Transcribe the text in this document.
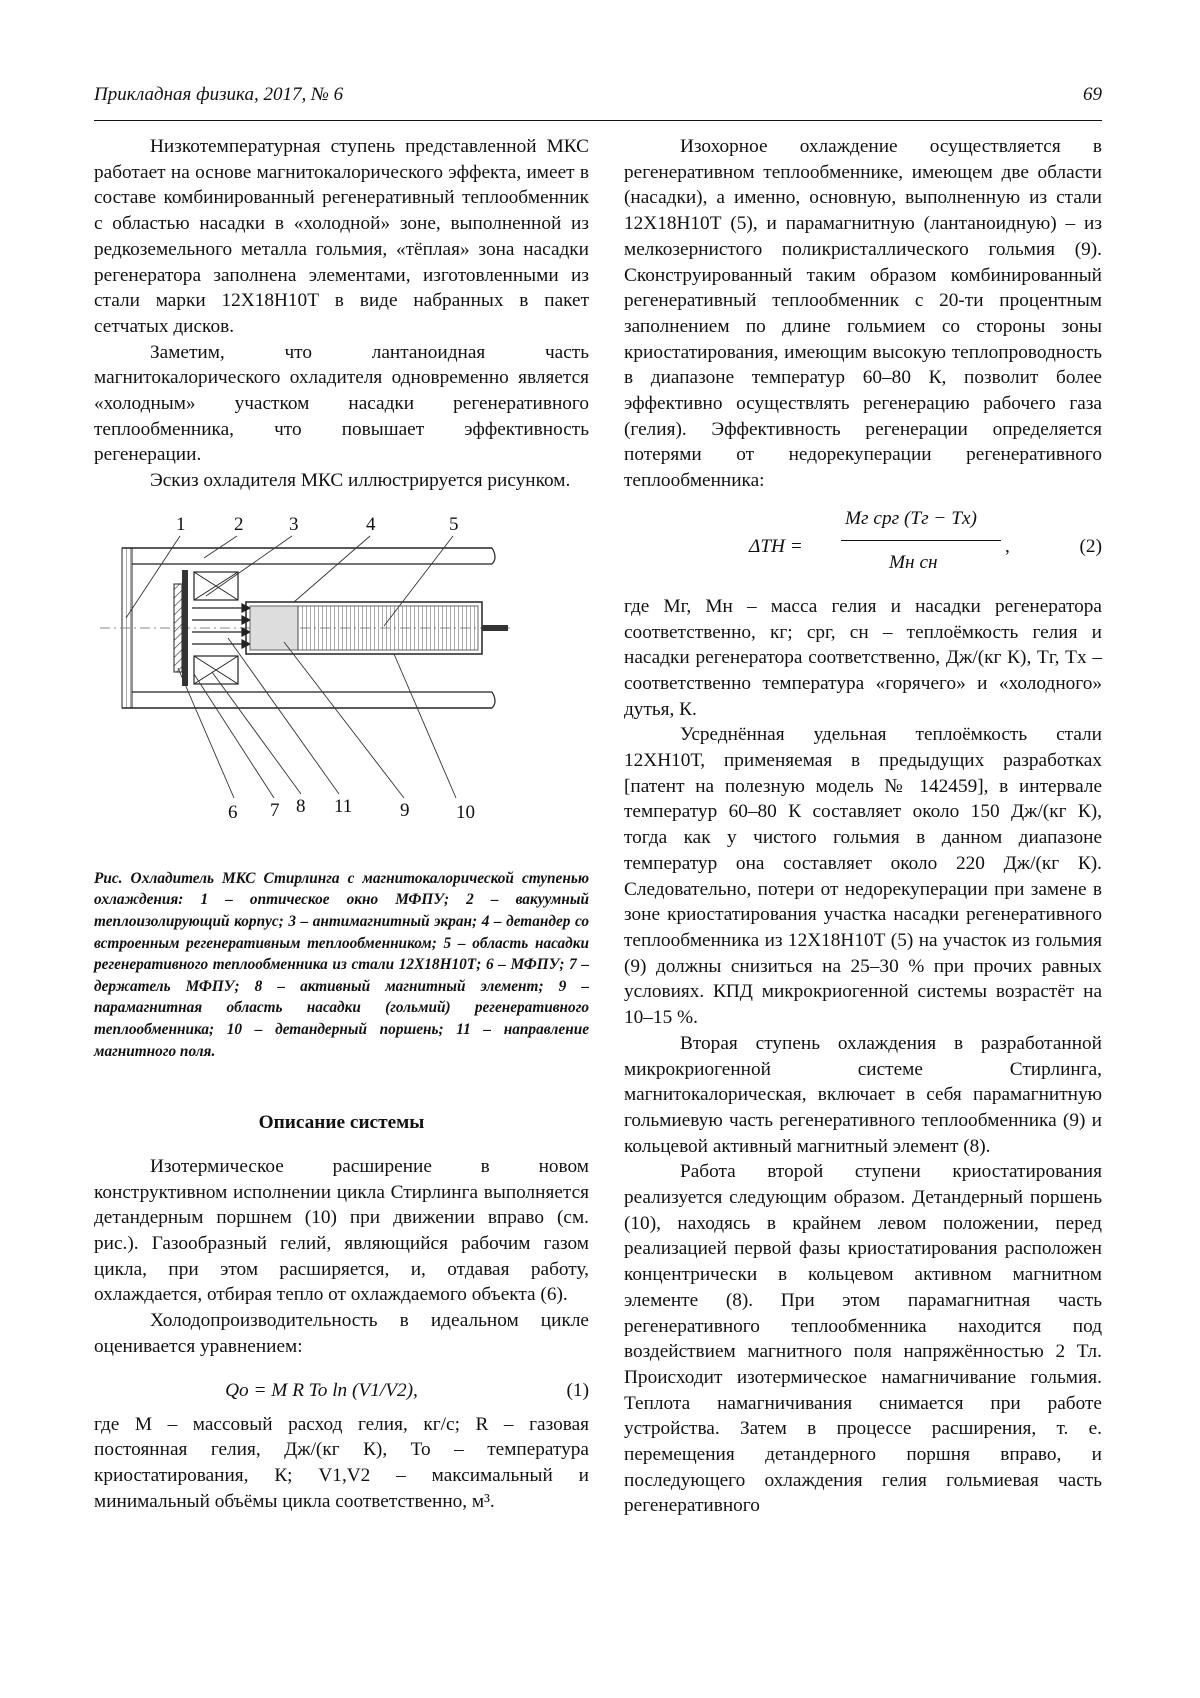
Прикладная физика, 2017, № 6	69

Низкотемпературная ступень представленной МКС работает на основе магнитокалорического эффекта, имеет в составе комбинированный регенеративный теплообменник с областью насадки в «холодной» зоне, выполненной из редкоземельного металла гольмия, «тёплая» зона насадки регенератора заполнена элементами, изготовленными из стали марки 12Х18Н10Т в виде набранных в пакет сетчатых дисков.

Заметим, что лантаноидная часть магнитокалорического охладителя одновременно является «холодным» участком насадки регенеративного теплообменника, что повышает эффективность регенерации.

Эскиз охладителя МКС иллюстрируется рисунком.

1	2 3	4	5
6 7 8 11	9 10
Рис. Охладитель МКС Стирлинга с магнитокалорической ступенью охлаждения: 1 – оптическое окно МФПУ; 2 – вакуумный теплоизолирующий корпус; 3 – антимагнитный экран; 4 – детандер со встроенным регенеративным теплообменником; 5 – область насадки регенеративного теплообменника из стали 12Х18Н10Т; 6 – МФПУ; 7 – держатель МФПУ; 8 – активный магнитный элемент; 9 – парамагнитная область насадки (гольмий) регенеративного теплообменника; 10 – детандерный поршень; 11 – направление магнитного поля.
Описание системы

Изотермическое расширение в новом конструктивном исполнении цикла Стирлинга выполняется детандерным поршнем (10) при движении вправо (см. рис.). Газообразный гелий, являющийся рабочим газом цикла, при этом расширяется, и, отдавая работу, охлаждается, отбирая тепло от охлаждаемого объекта (6).

Холодопроизводительность в идеальном цикле оценивается уравнением:

Qo = M R To ln (V1/V2),	(1)

где M – массовый расход гелия, кг/с; R – газовая постоянная гелия, Дж/(кг К), To – температура криостатирования, К; V1,V2 – максимальный и минимальный объёмы цикла соответственно, м³.

Изохорное охлаждение осуществляется в регенеративном теплообменнике, имеющем две области (насадки), а именно, основную, выполненную из стали 12Х18Н10Т (5), и парамагнитную (лантаноидную) – из мелкозернистого поликристаллического гольмия (9). Сконструированный таким образом комбинированный регенеративный теплообменник с 20-ти процентным заполнением по длине гольмием со стороны зоны криостатирования, имеющим высокую теплопроводность в диапазоне температур 60–80 К, позволит более эффективно осуществлять регенерацию рабочего газа (гелия). Эффективность регенерации определяется потерями от недорекуперации регенеративного теплообменника:

ΔTH =
Mг cрг (Tг − Tх)
Mн cн
,	(2)

где Mг, Mн – масса гелия и насадки регенератора соответственно, кг; cрг, cн – теплоёмкость гелия и насадки регенератора соответственно, Дж/(кг К), Tг, Tх – соответственно температура «горячего» и «холодного» дутья, К.

Усреднённая удельная теплоёмкость стали 12ХН10Т, применяемая в предыдущих разработках [патент на полезную модель № 142459], в интервале температур 60–80 К составляет около 150 Дж/(кг К), тогда как у чистого гольмия в данном диапазоне температур она составляет около 220 Дж/(кг К). Следовательно, потери от недорекуперации при замене в зоне криостатирования участка насадки регенеративного теплообменника из 12Х18Н10Т (5) на участок из гольмия (9) должны снизиться на 25–30 % при прочих равных условиях. КПД микрокриогенной системы возрастёт на 10–15 %.

Вторая ступень охлаждения в разработанной микрокриогенной системе Стирлинга, магнитокалорическая, включает в себя парамагнитную гольмиевую часть регенеративного теплообменника (9) и кольцевой активный магнитный элемент (8).

Работа второй ступени криостатирования реализуется следующим образом. Детандерный поршень (10), находясь в крайнем левом положении, перед реализацией первой фазы криостатирования расположен концентрически в кольцевом активном магнитном элементе (8). При этом парамагнитная часть регенеративного теплообменника находится под воздействием магнитного поля напряжённостью 2 Тл. Происходит изотермическое намагничивание гольмия. Теплота намагничивания снимается при работе устройства. Затем в процессе расширения, т. е. перемещения детандерного поршня вправо, и последующего охлаждения гелия гольмиевая часть регенеративного
